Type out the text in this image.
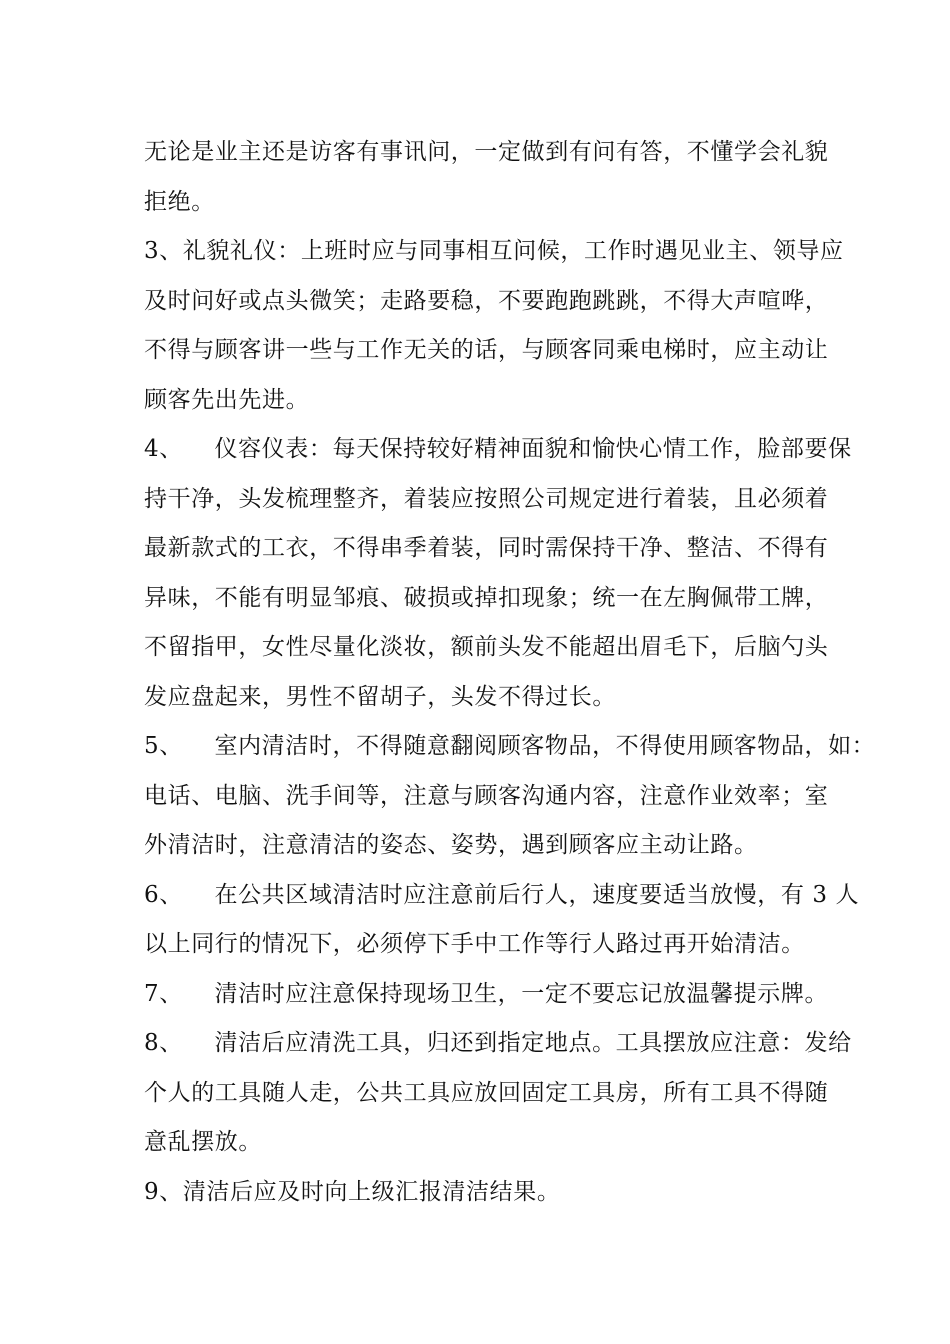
无论是业主还是访客有事讯问，一定做到有问有答，不懂学会礼貌
拒绝。
3、礼貌礼仪：上班时应与同事相互问候，工作时遇见业主、领导应
及时问好或点头微笑；走路要稳，不要跑跑跳跳，不得大声喧哗，
不得与顾客讲一些与工作无关的话，与顾客同乘电梯时，应主动让
顾客先出先进。
4、    仪容仪表：每天保持较好精神面貌和愉快心情工作，脸部要保
持干净，头发梳理整齐，着装应按照公司规定进行着装，且必须着
最新款式的工衣，不得串季着装，同时需保持干净、整洁、不得有
异味，不能有明显邹痕、破损或掉扣现象；统一在左胸佩带工牌，
不留指甲，女性尽量化淡妆，额前头发不能超出眉毛下，后脑勺头
发应盘起来，男性不留胡子，头发不得过长。
5、    室内清洁时，不得随意翻阅顾客物品，不得使用顾客物品，如：
电话、电脑、洗手间等，注意与顾客沟通内容，注意作业效率；室
外清洁时，注意清洁的姿态、姿势，遇到顾客应主动让路。
6、    在公共区域清洁时应注意前后行人，速度要适当放慢，有 3 人
以上同行的情况下，必须停下手中工作等行人路过再开始清洁。
7、    清洁时应注意保持现场卫生，一定不要忘记放温馨提示牌。
8、    清洁后应清洗工具，归还到指定地点。工具摆放应注意：发给
个人的工具随人走，公共工具应放回固定工具房，所有工具不得随
意乱摆放。
9、清洁后应及时向上级汇报清洁结果。
